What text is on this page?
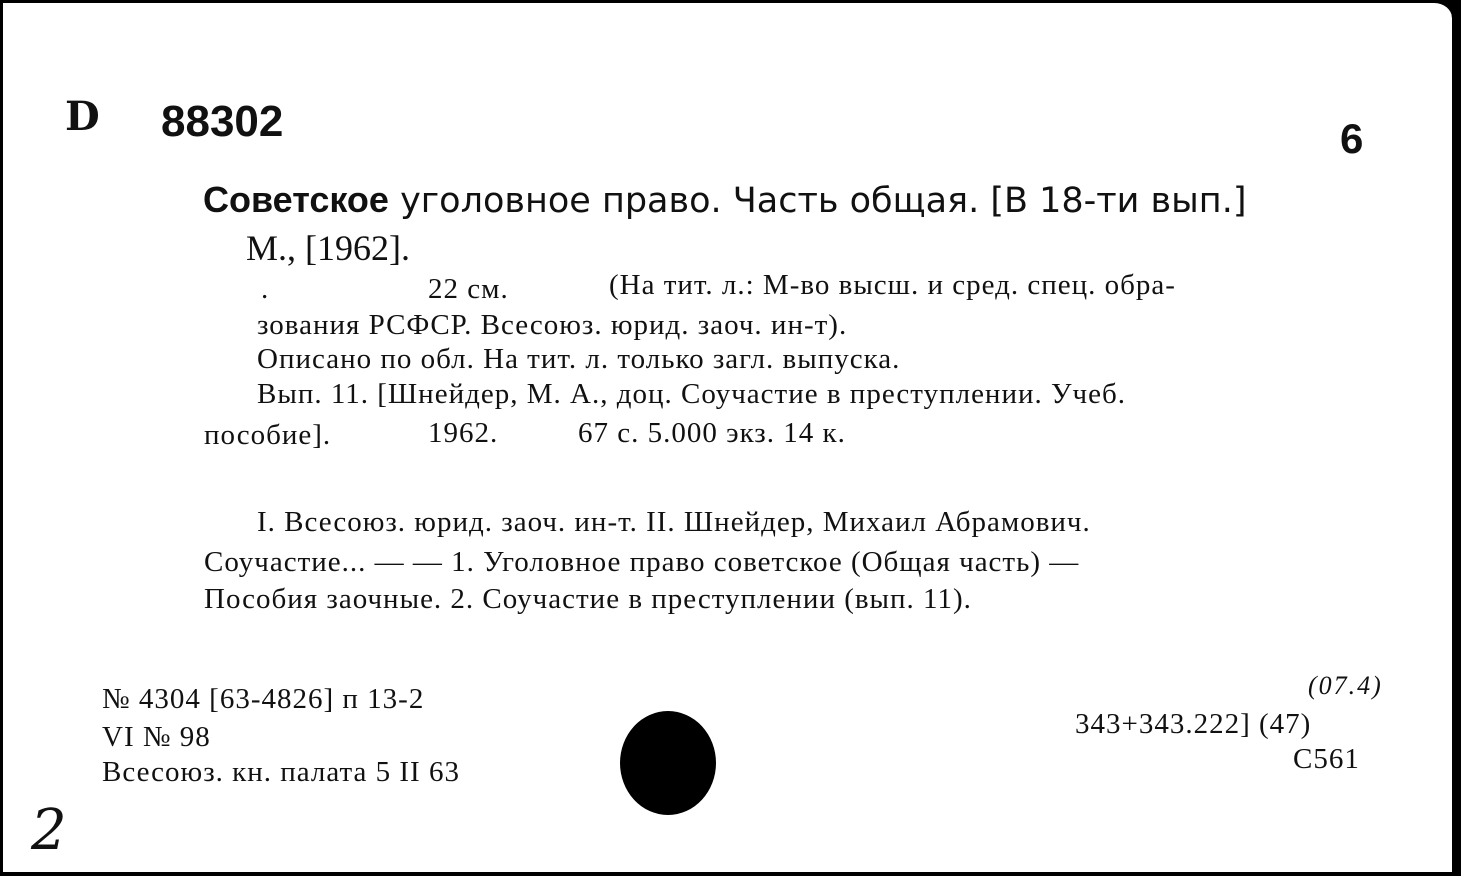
D 88302	6
Советское уголовное право. Часть общая. [В 18-ти вып.]
М., [1962].
.	22 см.	(На тит. л.: М-во высш. и сред. спец. обра-
зования РСФСР. Всесоюз. юрид. заоч. ин-т).
Описано по обл. На тит. л. только загл. выпуска.
Вып. 11. [Шнейдер, М. А., доц. Соучастие в преступлении. Учеб.
пособие].	1962.	67 с. 5.000 экз. 14 к.
I. Всесоюз. юрид. заоч. ин-т. II. Шнейдер, Михаил Абрамович.
Соучастие... — — 1. Уголовное право советское (Общая часть) —
Пособия заочные. 2. Соучастие в преступлении (вып. 11).
№ 4304 [63-4826] п 13-2
VI № 98
Всесоюз. кн. палата 5 II 63
(07.4)
343+343.222] (47)
С561
2
